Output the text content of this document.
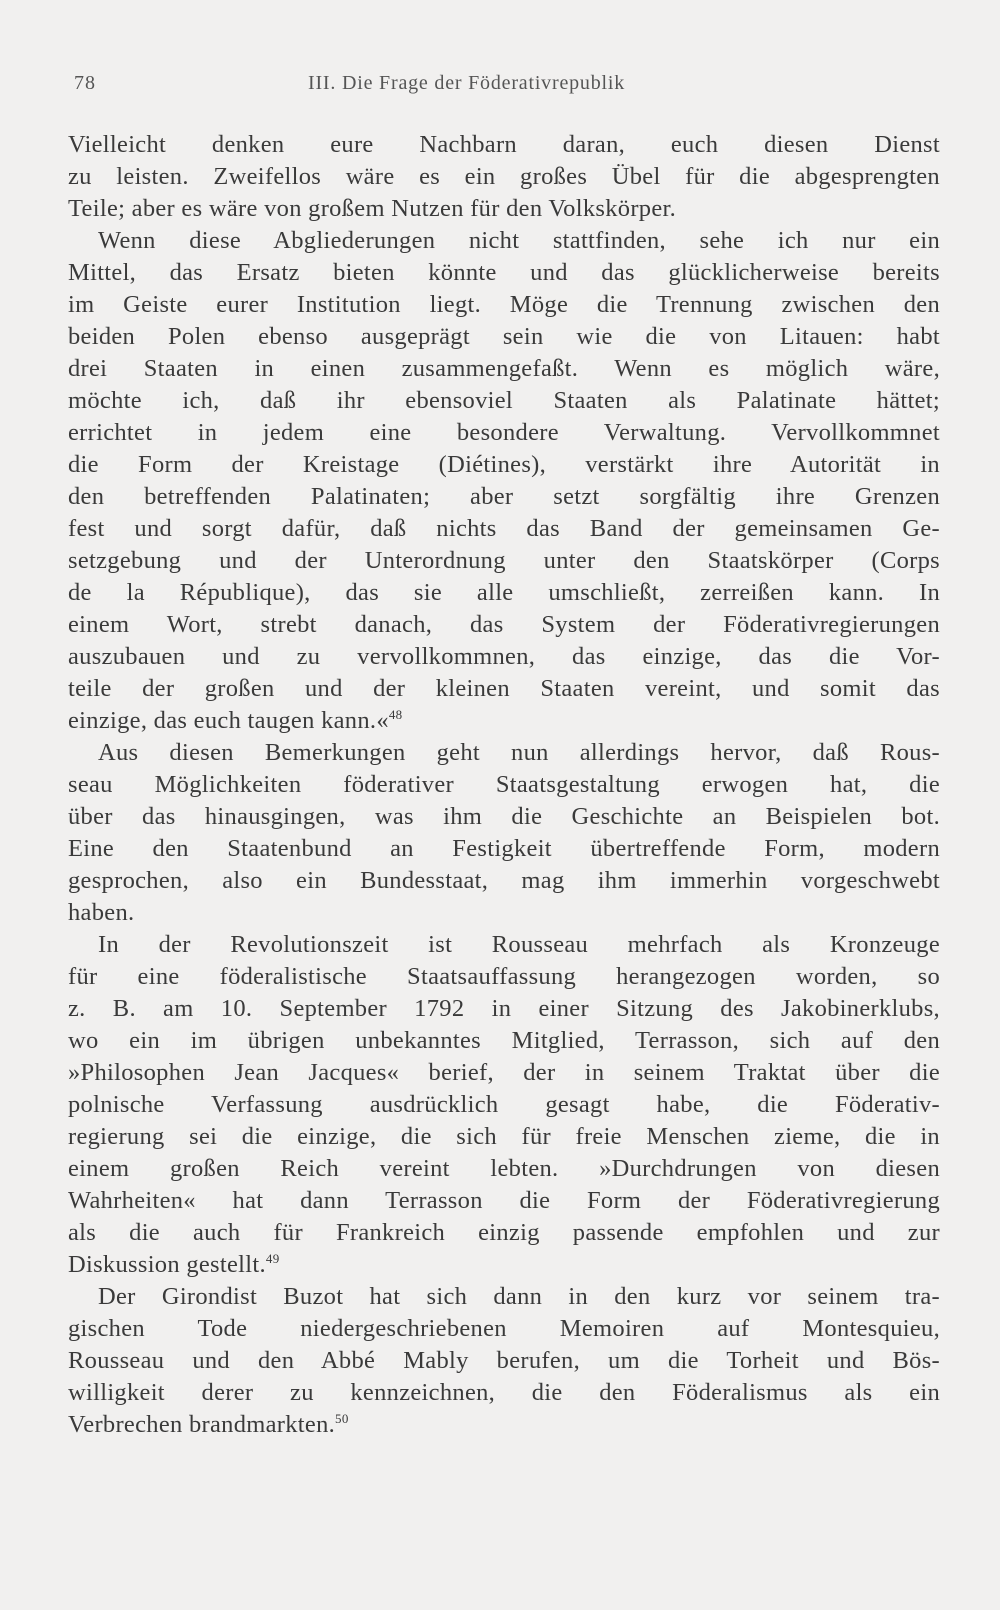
78	III. Die Frage der Föderativrepublik
Vielleicht denken eure Nachbarn daran, euch diesen Dienst
zu leisten. Zweifellos wäre es ein großes Übel für die abgesprengten
Teile; aber es wäre von großem Nutzen für den Volkskörper.
Wenn diese Abgliederungen nicht stattfinden, sehe ich nur ein
Mittel, das Ersatz bieten könnte und das glücklicherweise bereits
im Geiste eurer Institution liegt. Möge die Trennung zwischen den
beiden Polen ebenso ausgeprägt sein wie die von Litauen: habt
drei Staaten in einen zusammengefaßt. Wenn es möglich wäre,
möchte ich, daß ihr ebensoviel Staaten als Palatinate hättet;
errichtet in jedem eine besondere Verwaltung. Vervollkommnet
die Form der Kreistage (Diétines), verstärkt ihre Autorität in
den betreffenden Palatinaten; aber setzt sorgfältig ihre Grenzen
fest und sorgt dafür, daß nichts das Band der gemeinsamen Ge-
setzgebung und der Unterordnung unter den Staatskörper (Corps
de la République), das sie alle umschließt, zerreißen kann. In
einem Wort, strebt danach, das System der Föderativregierungen
auszubauen und zu vervollkommnen, das einzige, das die Vor-
teile der großen und der kleinen Staaten vereint, und somit das
einzige, das euch taugen kann.«$^{48}$
Aus diesen Bemerkungen geht nun allerdings hervor, daß Rous-
seau Möglichkeiten föderativer Staatsgestaltung erwogen hat, die
über das hinausgingen, was ihm die Geschichte an Beispielen bot.
Eine den Staatenbund an Festigkeit übertreffende Form, modern
gesprochen, also ein Bundesstaat, mag ihm immerhin vorgeschwebt
haben.
In der Revolutionszeit ist Rousseau mehrfach als Kronzeuge
für eine föderalistische Staatsauffassung herangezogen worden, so
z. B. am 10. September 1792 in einer Sitzung des Jakobinerklubs,
wo ein im übrigen unbekanntes Mitglied, Terrasson, sich auf den
»Philosophen Jean Jacques« berief, der in seinem Traktat über die
polnische Verfassung ausdrücklich gesagt habe, die Föderativ-
regierung sei die einzige, die sich für freie Menschen zieme, die in
einem großen Reich vereint lebten. »Durchdrungen von diesen
Wahrheiten« hat dann Terrasson die Form der Föderativregierung
als die auch für Frankreich einzig passende empfohlen und zur
Diskussion gestellt.$^{49}$
Der Girondist Buzot hat sich dann in den kurz vor seinem tra-
gischen Tode niedergeschriebenen Memoiren auf Montesquieu,
Rousseau und den Abbé Mably berufen, um die Torheit und Bös-
willigkeit derer zu kennzeichnen, die den Föderalismus als ein
Verbrechen brandmarkten.$^{50}$
